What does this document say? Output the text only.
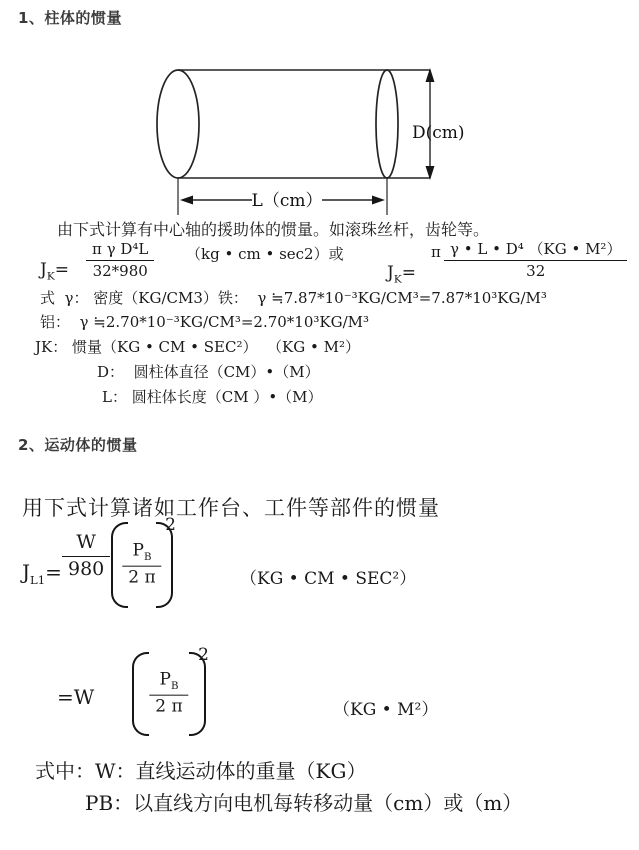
1、柱体的惯量
D(cm)
L（cm）
由下式计算有中心轴的援助体的惯量。如滚珠丝杆，齿轮等。
$J_K= \frac{\text{π γ D⁴L}}{32*980} (kg$ • cm • sec2）或
$J_K=$
π $\frac{\text{γ • L • D⁴ （KG • M²）}}{32}$
式  γ： 密度（KG/CM3）铁：  γ ≒7.87*10⁻³KG/CM³=7.87*10³KG/M³
铝：  γ ≒2.70*10⁻³KG/CM³=2.70*10³KG/M³
JK： 惯量（KG • CM • SEC²）  （KG • M²）
D：  圆柱体直径（CM）•（M）
L： 圆柱体长度（CM ）•（M）
2、运动体的惯量
用下式计算诸如工作台、工件等部件的惯量
$J_{L1}= \frac{W}{980} \frac{P_B}{2 \pi}$
2
（KG • CM • SEC²）
=W	$\frac{P_B}{2 \pi}$
2
（KG • M²）
式中：W：直线运动体的重量（KG）
PB：以直线方向电机每转移动量（cm）或（m）
